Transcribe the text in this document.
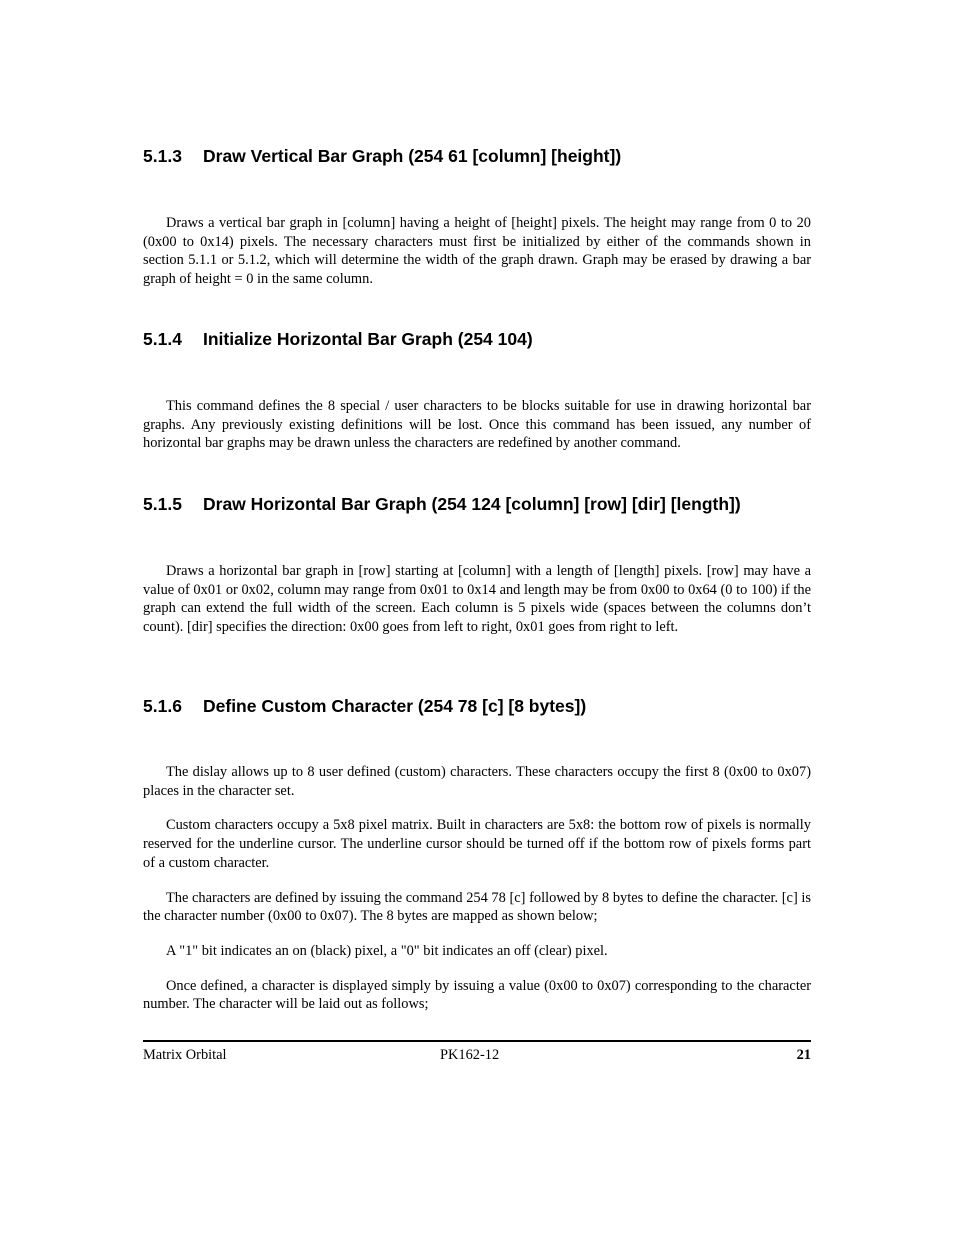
5.1.3 Draw Vertical Bar Graph (254 61 [column] [height])

Draws a vertical bar graph in [column] having a height of [height] pixels. The height may range from 0 to 20 (0x00 to 0x14) pixels. The necessary characters must first be initialized by either of the commands shown in section 5.1.1 or 5.1.2, which will determine the width of the graph drawn. Graph may be erased by drawing a bar graph of height = 0 in the same column.

5.1.4 Initialize Horizontal Bar Graph (254 104)

This command defines the 8 special / user characters to be blocks suitable for use in drawing horizontal bar graphs. Any previously existing definitions will be lost. Once this command has been issued, any number of horizontal bar graphs may be drawn unless the characters are redefined by another command.

5.1.5 Draw Horizontal Bar Graph (254 124 [column] [row] [dir] [length])

Draws a horizontal bar graph in [row] starting at [column] with a length of [length] pixels. [row] may have a value of 0x01 or 0x02, column may range from 0x01 to 0x14 and length may be from 0x00 to 0x64 (0 to 100) if the graph can extend the full width of the screen. Each column is 5 pixels wide (spaces between the columns don’t count). [dir] specifies the direction: 0x00 goes from left to right, 0x01 goes from right to left.

5.1.6 Define Custom Character (254 78 [c] [8 bytes])

The dislay allows up to 8 user defined (custom) characters. These characters occupy the first 8 (0x00 to 0x07) places in the character set.

Custom characters occupy a 5x8 pixel matrix. Built in characters are 5x8: the bottom row of pixels is normally reserved for the underline cursor. The underline cursor should be turned off if the bottom row of pixels forms part of a custom character.

The characters are defined by issuing the command 254 78 [c] followed by 8 bytes to define the character. [c] is the character number (0x00 to 0x07). The 8 bytes are mapped as shown below;

A "1" bit indicates an on (black) pixel, a "0" bit indicates an off (clear) pixel.

Once defined, a character is displayed simply by issuing a value (0x00 to 0x07) corresponding to the character number. The character will be laid out as follows;

Matrix Orbital	PK162-12	21
